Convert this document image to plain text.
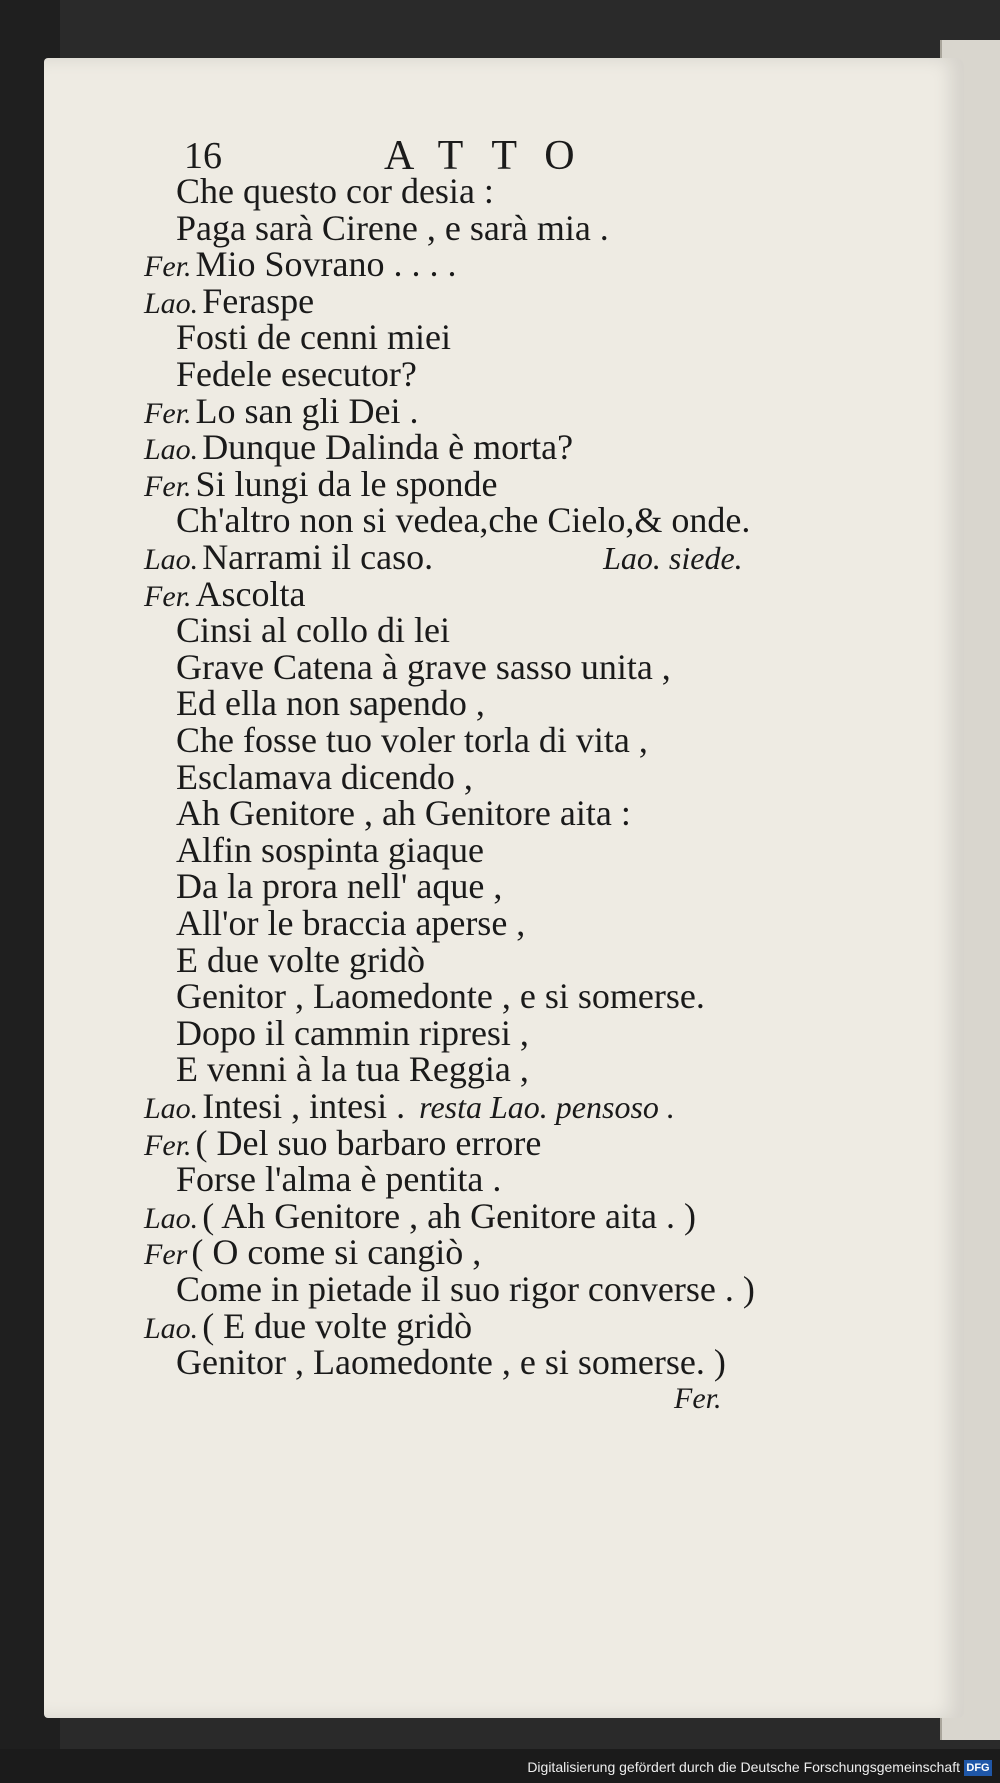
16	ATTO
Che questo cor desia :
Paga sarà Cirene , e sarà mia .
Fer. Mio Sovrano . . . .
Lao. Feraspe
Fosti de cenni miei
Fedele esecutor?
Fer. Lo san gli Dei .
Lao. Dunque Dalinda è morta?
Fer. Si lungi da le sponde
Ch'altro non si vedea,che Cielo,& onde.
Lao. Narrami il caso.	Lao. siede.
Fer. Ascolta
Cinsi al collo di lei
Grave Catena à grave sasso unita ,
Ed ella non sapendo ,
Che fosse tuo voler torla di vita ,
Esclamava dicendo ,
Ah Genitore , ah Genitore aita :
Alfin sospinta giaque
Da la prora nell' aque ,
All'or le braccia aperse ,
E due volte gridò
Genitor , Laomedonte , e si somerse.
Dopo il cammin ripresi ,
E venni à la tua Reggia ,
Lao. Intesi , intesi . resta Lao. pensoso .
Fer. ( Del suo barbaro errore
Forse l'alma è pentita .
Lao. ( Ah Genitore , ah Genitore aita . )
Fer ( O come si cangiò ,
Come in pietade il suo rigor converse . )
Lao. ( E due volte gridò
Genitor , Laomedonte , e si somerse. )
Fer.
Digitalisierung gefördert durch die Deutsche Forschungsgemeinschaft DFG
